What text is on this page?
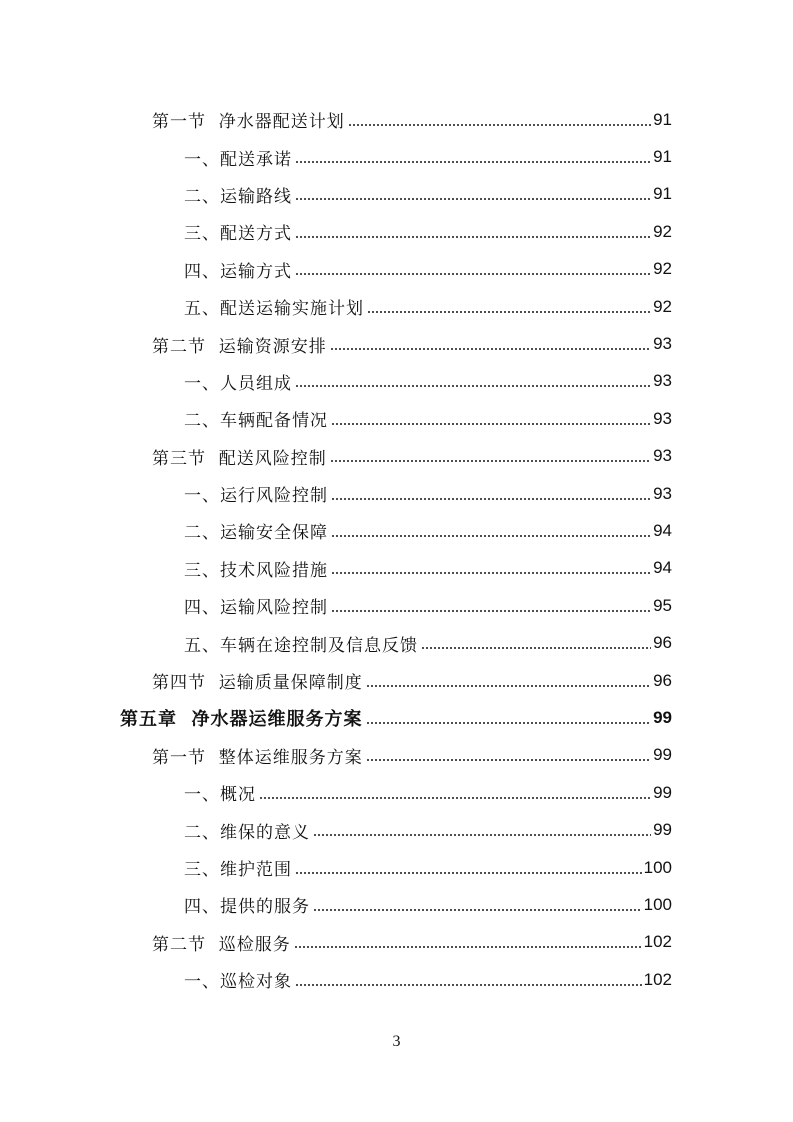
第一节  净水器配送计划	91
一、配送承诺	91
二、运输路线	91
三、配送方式	92
四、运输方式	92
五、配送运输实施计划	92
第二节  运输资源安排	93
一、人员组成	93
二、车辆配备情况	93
第三节  配送风险控制	93
一、运行风险控制	93
二、运输安全保障	94
三、技术风险措施	94
四、运输风险控制	95
五、车辆在途控制及信息反馈	96
第四节  运输质量保障制度	96
第五章  净水器运维服务方案	99
第一节  整体运维服务方案	99
一、概况	99
二、维保的意义	99
三、维护范围	100
四、提供的服务	100
第二节  巡检服务	102
一、巡检对象	102
3
